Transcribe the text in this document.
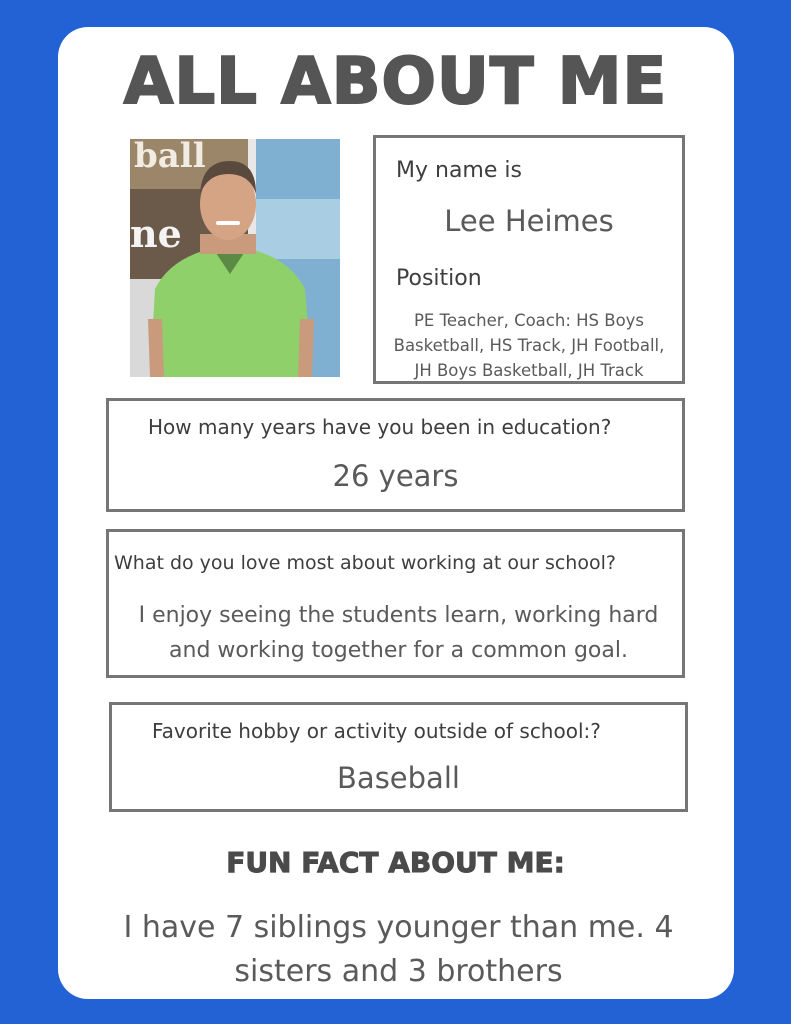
ALL ABOUT ME
ball
ne
My name is
Lee Heimes
Position
PE Teacher, Coach: HS Boys
Basketball, HS Track, JH Football,
JH Boys Basketball, JH Track
How many years have you been in education?
26 years
What do you love most about working at our school?
I enjoy seeing the students learn, working hard
and working together for a common goal.
Favorite hobby or activity outside of school:?
Baseball
FUN FACT ABOUT ME:
I have 7 siblings younger than me. 4
sisters and 3 brothers
